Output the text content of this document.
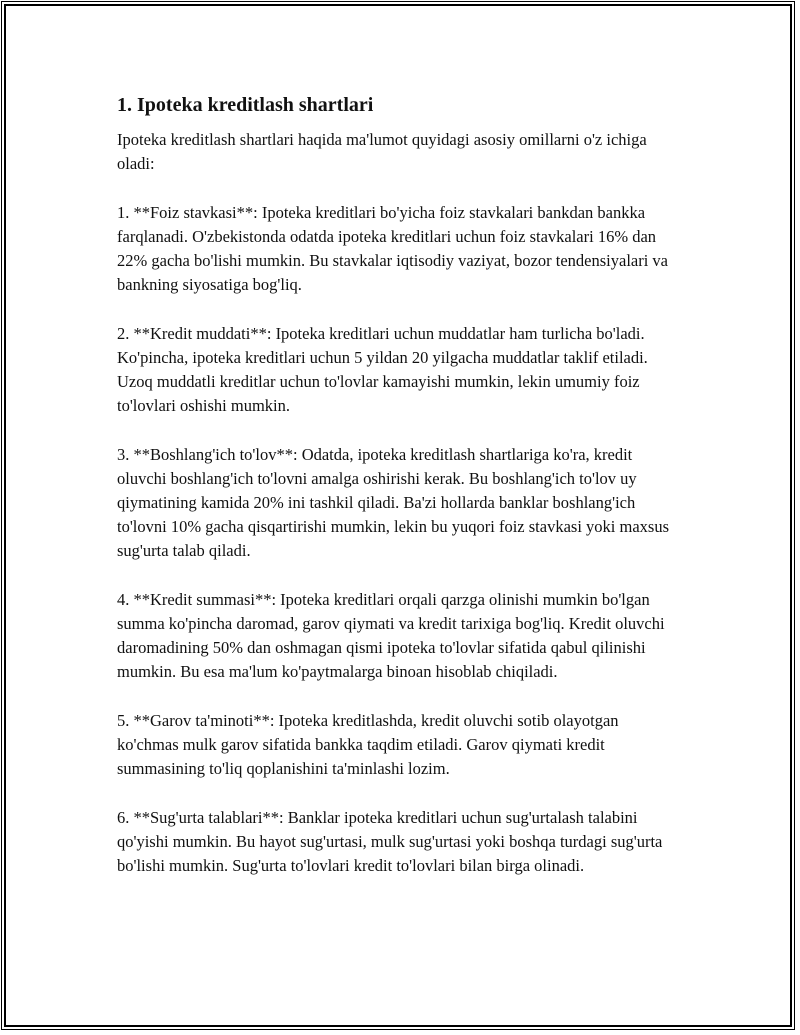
1. Ipoteka kreditlash shartlari

Ipoteka kreditlash shartlari haqida ma'lumot quyidagi asosiy omillarni o'z ichiga oladi:

1. **Foiz stavkasi**: Ipoteka kreditlari bo'yicha foiz stavkalari bankdan bankka farqlanadi. O'zbekistonda odatda ipoteka kreditlari uchun foiz stavkalari 16% dan 22% gacha bo'lishi mumkin. Bu stavkalar iqtisodiy vaziyat, bozor tendensiyalari va bankning siyosatiga bog'liq.

2. **Kredit muddati**: Ipoteka kreditlari uchun muddatlar ham turlicha bo'ladi. Ko'pincha, ipoteka kreditlari uchun 5 yildan 20 yilgacha muddatlar taklif etiladi. Uzoq muddatli kreditlar uchun to'lovlar kamayishi mumkin, lekin umumiy foiz to'lovlari oshishi mumkin.

3. **Boshlang'ich to'lov**: Odatda, ipoteka kreditlash shartlariga ko'ra, kredit oluvchi boshlang'ich to'lovni amalga oshirishi kerak. Bu boshlang'ich to'lov uy qiymatining kamida 20% ini tashkil qiladi. Ba'zi hollarda banklar boshlang'ich to'lovni 10% gacha qisqartirishi mumkin, lekin bu yuqori foiz stavkasi yoki maxsus sug'urta talab qiladi.

4. **Kredit summasi**: Ipoteka kreditlari orqali qarzga olinishi mumkin bo'lgan summa ko'pincha daromad, garov qiymati va kredit tarixiga bog'liq. Kredit oluvchi daromadining 50% dan oshmagan qismi ipoteka to'lovlar sifatida qabul qilinishi mumkin. Bu esa ma'lum ko'paytmalarga binoan hisoblab chiqiladi.

5. **Garov ta'minoti**: Ipoteka kreditlashda, kredit oluvchi sotib olayotgan ko'chmas mulk garov sifatida bankka taqdim etiladi. Garov qiymati kredit summasining to'liq qoplanishini ta'minlashi lozim.

6. **Sug'urta talablari**: Banklar ipoteka kreditlari uchun sug'urtalash talabini qo'yishi mumkin. Bu hayot sug'urtasi, mulk sug'urtasi yoki boshqa turdagi sug'urta bo'lishi mumkin. Sug'urta to'lovlari kredit to'lovlari bilan birga olinadi.
